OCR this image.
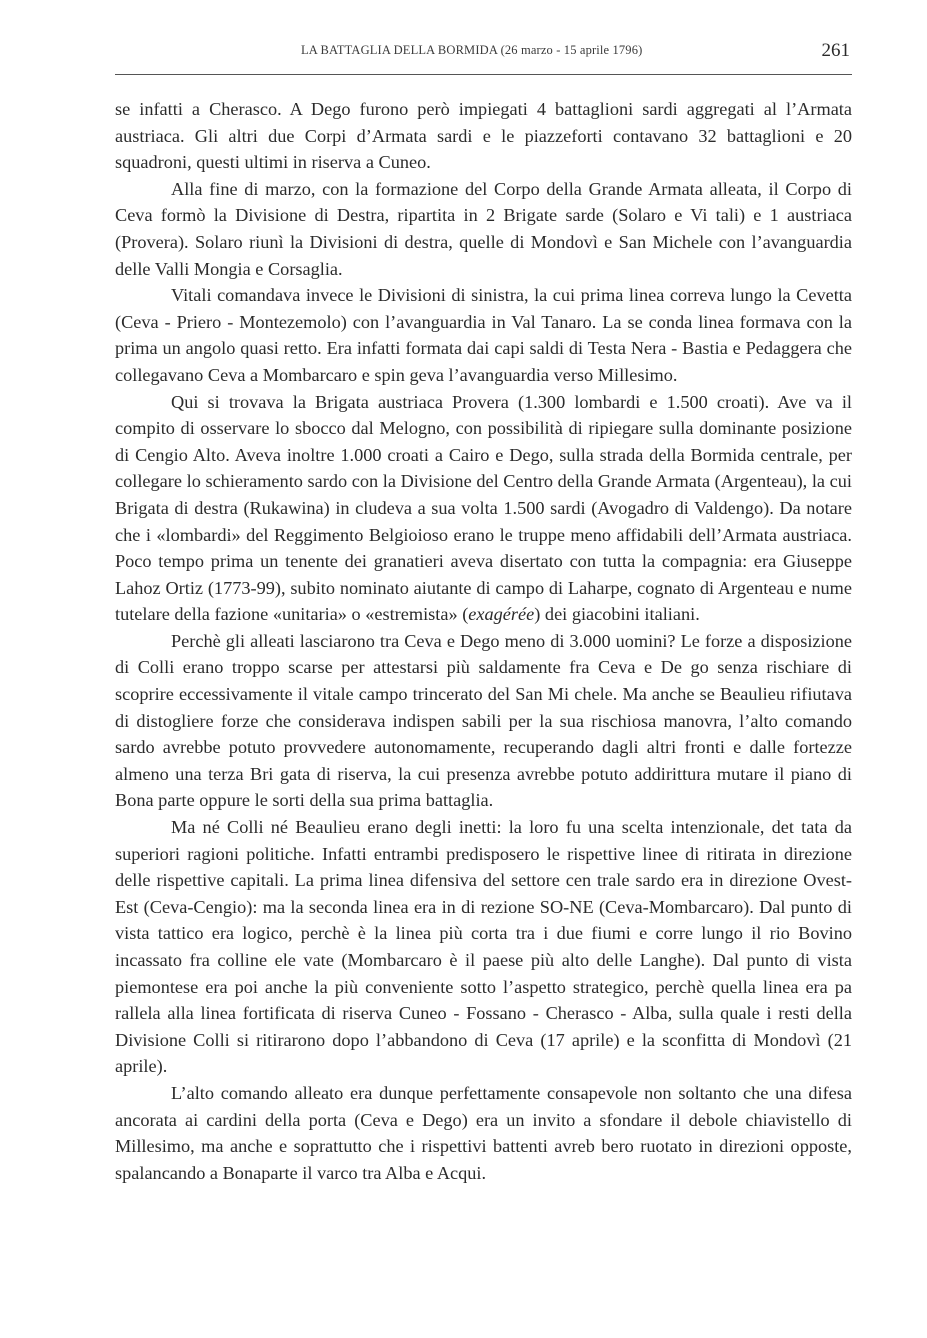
LA BATTAGLIA DELLA BORMIDA (26 marzo - 15 aprile 1796)	261

se infatti a Cherasco. A Dego furono però impiegati 4 battaglioni sardi aggregati al l’Armata austriaca. Gli altri due Corpi d’Armata sardi e le piazzeforti contavano 32 battaglioni e 20 squadroni, questi ultimi in riserva a Cuneo.

Alla fine di marzo, con la formazione del Corpo della Grande Armata alleata, il Corpo di Ceva formò la Divisione di Destra, ripartita in 2 Brigate sarde (Solaro e Vi tali) e 1 austriaca (Provera). Solaro riunì la Divisioni di destra, quelle di Mondovì e San Michele con l’avanguardia delle Valli Mongia e Corsaglia.

Vitali comandava invece le Divisioni di sinistra, la cui prima linea correva lungo la Cevetta (Ceva - Priero - Montezemolo) con l’avanguardia in Val Tanaro. La se conda linea formava con la prima un angolo quasi retto. Era infatti formata dai capi saldi di Testa Nera - Bastia e Pedaggera che collegavano Ceva a Mombarcaro e spin geva l’avanguardia verso Millesimo.

Qui si trovava la Brigata austriaca Provera (1.300 lombardi e 1.500 croati). Ave va il compito di osservare lo sbocco dal Melogno, con possibilità di ripiegare sulla dominante posizione di Cengio Alto. Aveva inoltre 1.000 croati a Cairo e Dego, sulla strada della Bormida centrale, per collegare lo schieramento sardo con la Divisione del Centro della Grande Armata (Argenteau), la cui Brigata di destra (Rukawina) in cludeva a sua volta 1.500 sardi (Avogadro di Valdengo). Da notare che i «lombardi» del Reggimento Belgioioso erano le truppe meno affidabili dell’Armata austriaca. Poco tempo prima un tenente dei granatieri aveva disertato con tutta la compagnia: era Giuseppe Lahoz Ortiz (1773-99), subito nominato aiutante di campo di Laharpe, cognato di Argenteau e nume tutelare della fazione «unitaria» o «estremista» (exagérée) dei giacobini italiani.

Perchè gli alleati lasciarono tra Ceva e Dego meno di 3.000 uomini? Le forze a disposizione di Colli erano troppo scarse per attestarsi più saldamente fra Ceva e De go senza rischiare di scoprire eccessivamente il vitale campo trincerato del San Mi chele. Ma anche se Beaulieu rifiutava di distogliere forze che considerava indispen sabili per la sua rischiosa manovra, l’alto comando sardo avrebbe potuto provvedere autonomamente, recuperando dagli altri fronti e dalle fortezze almeno una terza Bri gata di riserva, la cui presenza avrebbe potuto addirittura mutare il piano di Bona parte oppure le sorti della sua prima battaglia.

Ma né Colli né Beaulieu erano degli inetti: la loro fu una scelta intenzionale, det tata da superiori ragioni politiche. Infatti entrambi predisposero le rispettive linee di ritirata in direzione delle rispettive capitali. La prima linea difensiva del settore cen trale sardo era in direzione Ovest-Est (Ceva-Cengio): ma la seconda linea era in di rezione SO-NE (Ceva-Mombarcaro). Dal punto di vista tattico era logico, perchè è la linea più corta tra i due fiumi e corre lungo il rio Bovino incassato fra colline ele vate (Mombarcaro è il paese più alto delle Langhe). Dal punto di vista piemontese era poi anche la più conveniente sotto l’aspetto strategico, perchè quella linea era pa rallela alla linea fortificata di riserva Cuneo - Fossano - Cherasco - Alba, sulla quale i resti della Divisione Colli si ritirarono dopo l’abbandono di Ceva (17 aprile) e la sconfitta di Mondovì (21 aprile).

L’alto comando alleato era dunque perfettamente consapevole non soltanto che una difesa ancorata ai cardini della porta (Ceva e Dego) era un invito a sfondare il debole chiavistello di Millesimo, ma anche e soprattutto che i rispettivi battenti avreb bero ruotato in direzioni opposte, spalancando a Bonaparte il varco tra Alba e Acqui.
